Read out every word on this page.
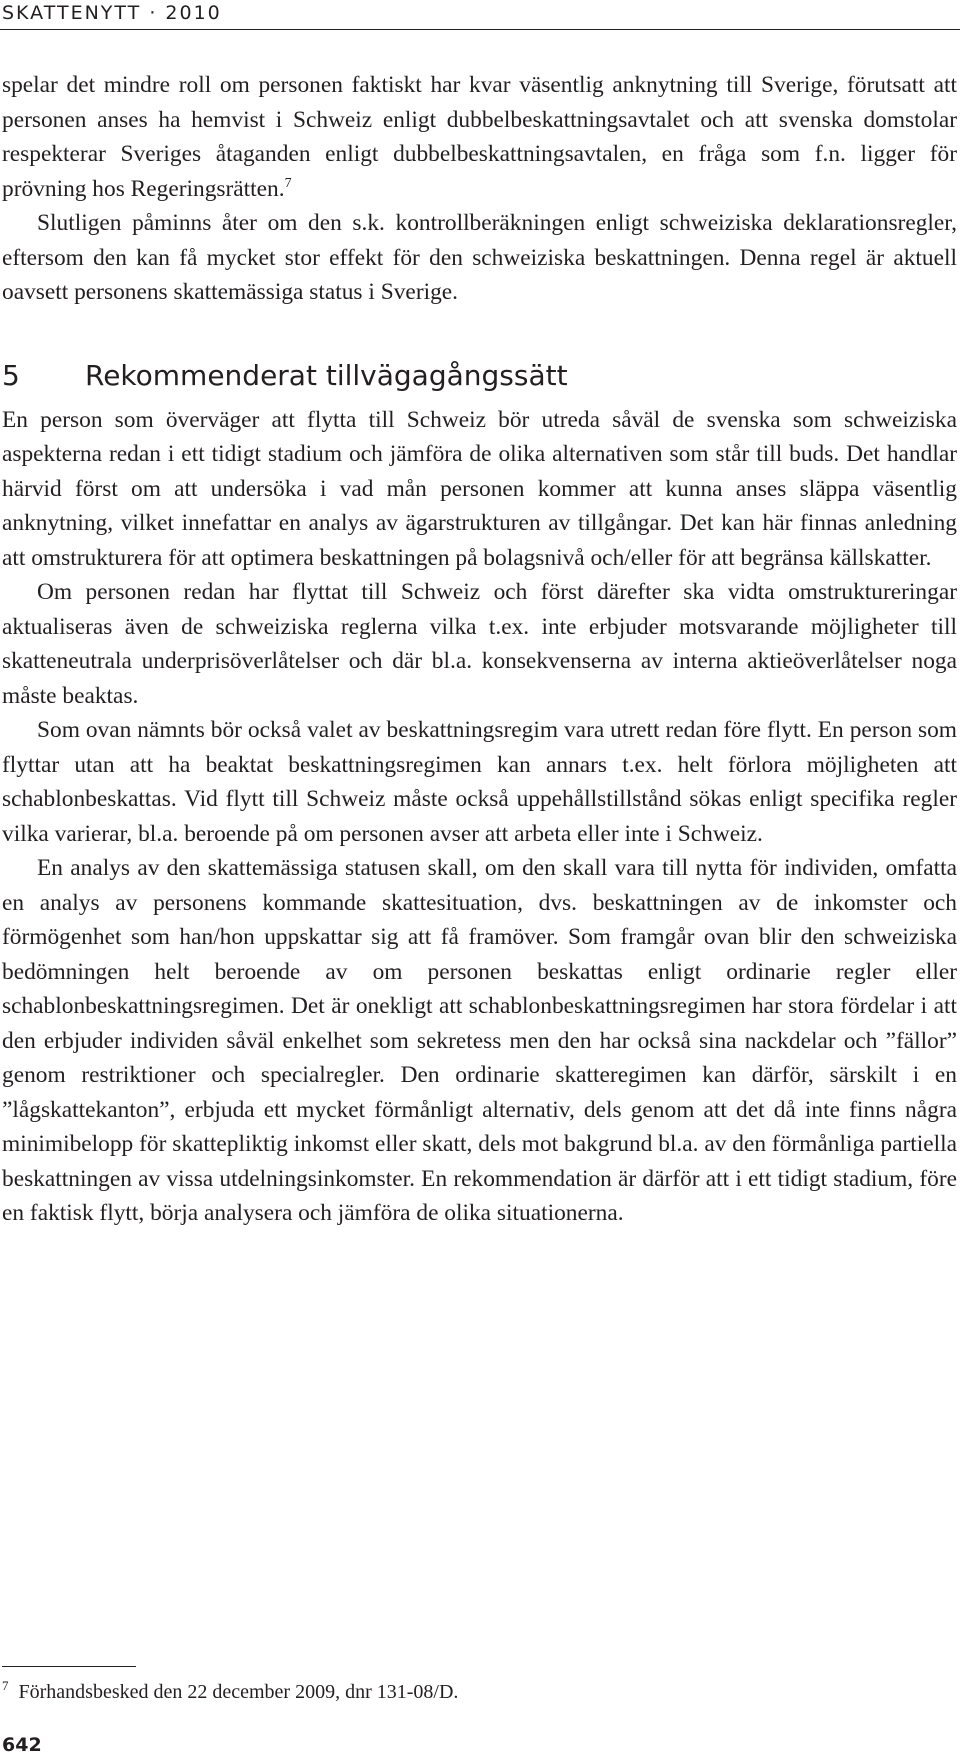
SKATTENYTT · 2010

spelar det mindre roll om personen faktiskt har kvar väsentlig anknytning till Sverige, förutsatt att personen anses ha hemvist i Schweiz enligt dubbelbeskattningsavtalet och att svenska domstolar respekterar Sveriges åtaganden enligt dubbelbeskattningsavtalen, en fråga som f.n. ligger för prövning hos Regeringsrätten.$^7$

Slutligen påminns åter om den s.k. kontrollberäkningen enligt schweiziska deklarationsregler, eftersom den kan få mycket stor effekt för den schweiziska beskattningen. Denna regel är aktuell oavsett personens skattemässiga status i Sverige.

5 Rekommenderat tillvägagångssätt

En person som överväger att flytta till Schweiz bör utreda såväl de svenska som schweiziska aspekterna redan i ett tidigt stadium och jämföra de olika alternativen som står till buds. Det handlar härvid först om att undersöka i vad mån personen kommer att kunna anses släppa väsentlig anknytning, vilket innefattar en analys av ägarstrukturen av tillgångar. Det kan här finnas anledning att omstrukturera för att optimera beskattningen på bolagsnivå och/eller för att begränsa källskatter.

Om personen redan har flyttat till Schweiz och först därefter ska vidta omstruktureringar aktualiseras även de schweiziska reglerna vilka t.ex. inte erbjuder motsvarande möjligheter till skatteneutrala underprisöverlåtelser och där bl.a. konsekvenserna av interna aktieöverlåtelser noga måste beaktas.

Som ovan nämnts bör också valet av beskattningsregim vara utrett redan före flytt. En person som flyttar utan att ha beaktat beskattningsregimen kan annars t.ex. helt förlora möjligheten att schablonbeskattas. Vid flytt till Schweiz måste också uppehållstillstånd sökas enligt specifika regler vilka varierar, bl.a. beroende på om personen avser att arbeta eller inte i Schweiz.

En analys av den skattemässiga statusen skall, om den skall vara till nytta för individen, omfatta en analys av personens kommande skattesituation, dvs. beskattningen av de inkomster och förmögenhet som han/hon uppskattar sig att få framöver. Som framgår ovan blir den schweiziska bedömningen helt beroende av om personen beskattas enligt ordinarie regler eller schablonbeskattningsregimen. Det är onekligt att schablonbeskattningsregimen har stora fördelar i att den erbjuder individen såväl enkelhet som sekretess men den har också sina nackdelar och ”fällor” genom restriktioner och specialregler. Den ordinarie skatteregimen kan därför, särskilt i en ”lågskattekanton”, erbjuda ett mycket förmånligt alternativ, dels genom att det då inte finns några minimibelopp för skattepliktig inkomst eller skatt, dels mot bakgrund bl.a. av den förmånliga partiella beskattningen av vissa utdelningsinkomster. En rekommendation är därför att i ett tidigt stadium, före en faktisk flytt, börja analysera och jämföra de olika situationerna.

$^7$ Förhandsbesked den 22 december 2009, dnr 131-08/D.
642
